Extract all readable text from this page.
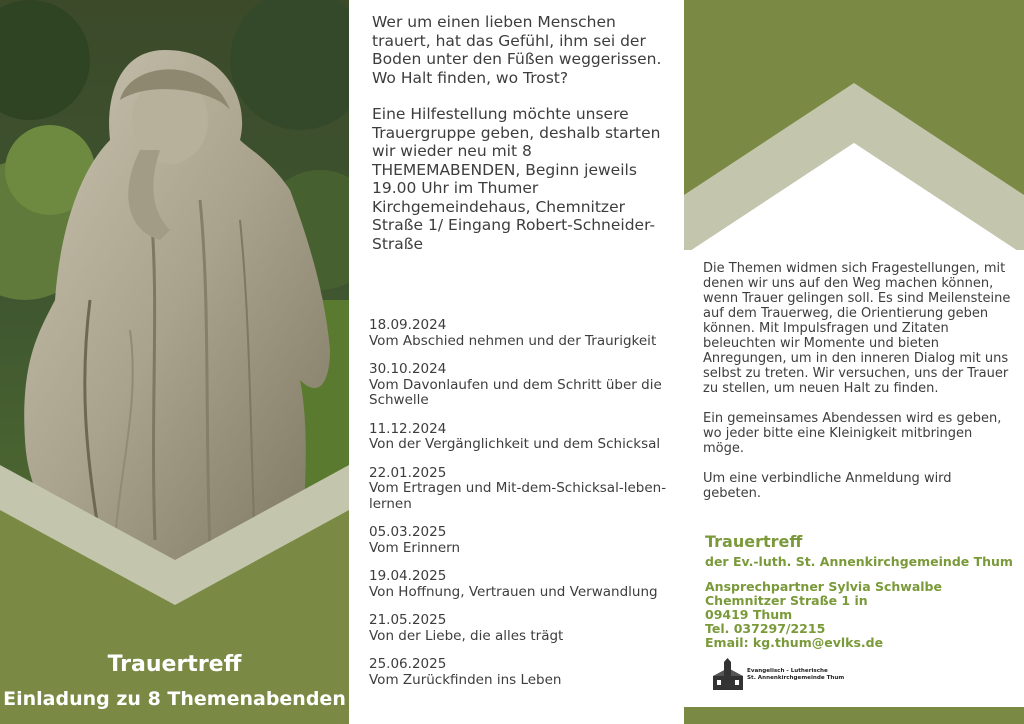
Trauertreff
Einladung zu 8 Themenabenden

Wer um einen lieben Menschen trauert, hat das Gefühl, ihm sei der Boden unter den Füßen weggerissen. Wo Halt finden, wo Trost?

Eine Hilfestellung möchte unsere Trauergruppe geben, deshalb starten wir wieder neu mit 8 THEMEMABENDEN, Beginn jeweils 19.00 Uhr im Thumer Kirchgemeindehaus, Chemnitzer Straße 1/ Eingang Robert-Schneider-Straße

18.09.2024
Vom Abschied nehmen und der Traurigkeit
30.10.2024
Vom Davonlaufen und dem Schritt über die Schwelle
11.12.2024
Von der Vergänglichkeit und dem Schicksal
22.01.2025
Vom Ertragen und Mit-dem-Schicksal-leben-lernen
05.03.2025
Vom Erinnern
19.04.2025
Von Hoffnung, Vertrauen und Verwandlung
21.05.2025
Von der Liebe, die alles trägt
25.06.2025
Vom Zurückfinden ins Leben

Die Themen widmen sich Fragestellungen, mit denen wir uns auf den Weg machen können, wenn Trauer gelingen soll. Es sind Meilensteine auf dem Trauerweg, die Orientierung geben können. Mit Impulsfragen und Zitaten beleuchten wir Momente und bieten Anregungen, um in den inneren Dialog mit uns selbst zu treten. Wir versuchen, uns der Trauer zu stellen, um neuen Halt zu finden.

Ein gemeinsames Abendessen wird es geben, wo jeder bitte eine Kleinigkeit mitbringen möge.

Um eine verbindliche Anmeldung wird gebeten.

Trauertreff
der Ev.-luth. St. Annenkirchgemeinde Thum
Ansprechpartner Sylvia Schwalbe
Chemnitzer Straße 1 in
09419 Thum
Tel. 037297/2215
Email: kg.thum@evlks.de
Evangelisch - Lutherische
St. Annenkirchgemeinde Thum
